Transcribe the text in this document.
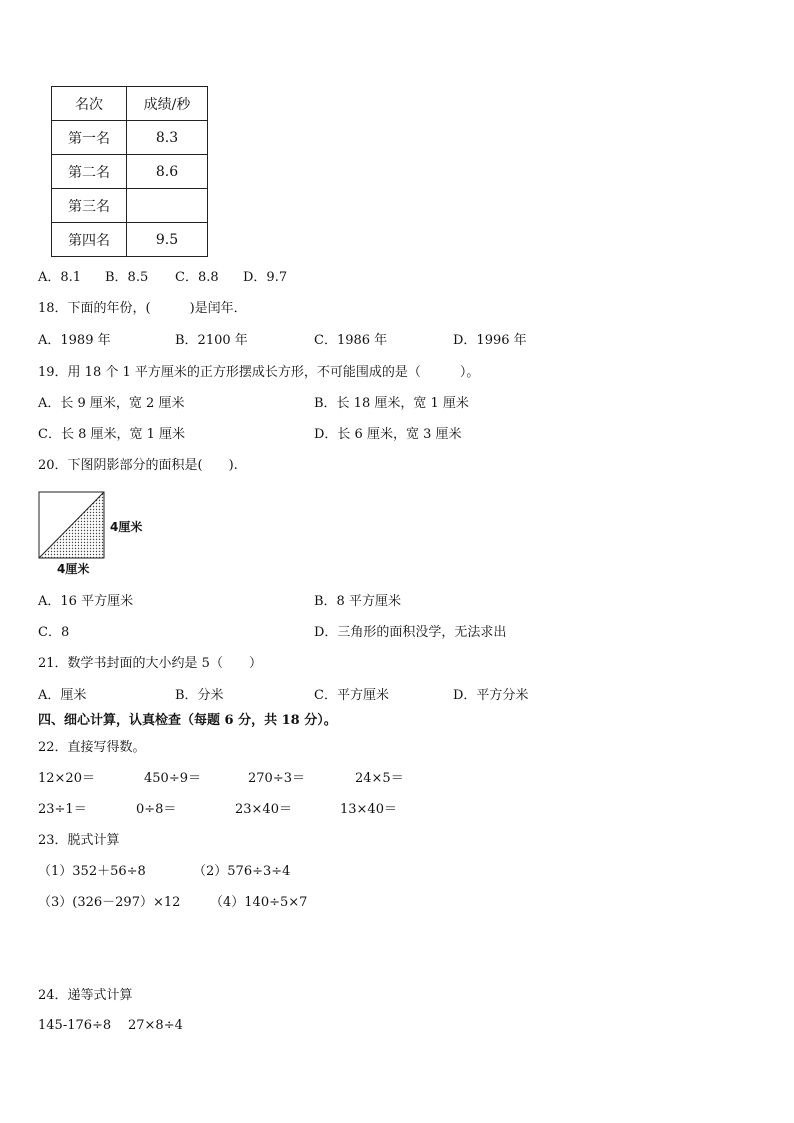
名次	成绩/秒
第一名	8.3
第二名	8.6
第三名	
第四名	9.5
A．8.1 B．8.5 C．8.8 D．9.7
18．下面的年份，(　　　)是闰年．
A．1989 年	B．2100 年	C．1986 年	D．1996 年
19．用 18 个 1 平方厘米的正方形摆成长方形，不可能围成的是（　　　）。
A．长 9 厘米，宽 2 厘米	B．长 18 厘米，宽 1 厘米
C．长 8 厘米，宽 1 厘米	D．长 6 厘米，宽 3 厘米
20．下图阴影部分的面积是(　　).
4厘米
4厘米
A．16 平方厘米	B．8 平方厘米
C．8	D．三角形的面积没学，无法求出
21．数学书封面的大小约是 5（　　）
A．厘米	B．分米	C．平方厘米	D．平方分米
四、细心计算，认真检查（每题 6 分，共 18 分）。
22．直接写得数。
12×20＝	450÷9＝	270÷3＝	24×5＝
23÷1＝	0÷8＝	23×40＝	13×40＝
23．脱式计算
（1）352＋56÷8	（2）576÷3÷4
（3）(326－297）×12 （4）140÷5×7
24．递等式计算
145-176÷8 27×8÷4
